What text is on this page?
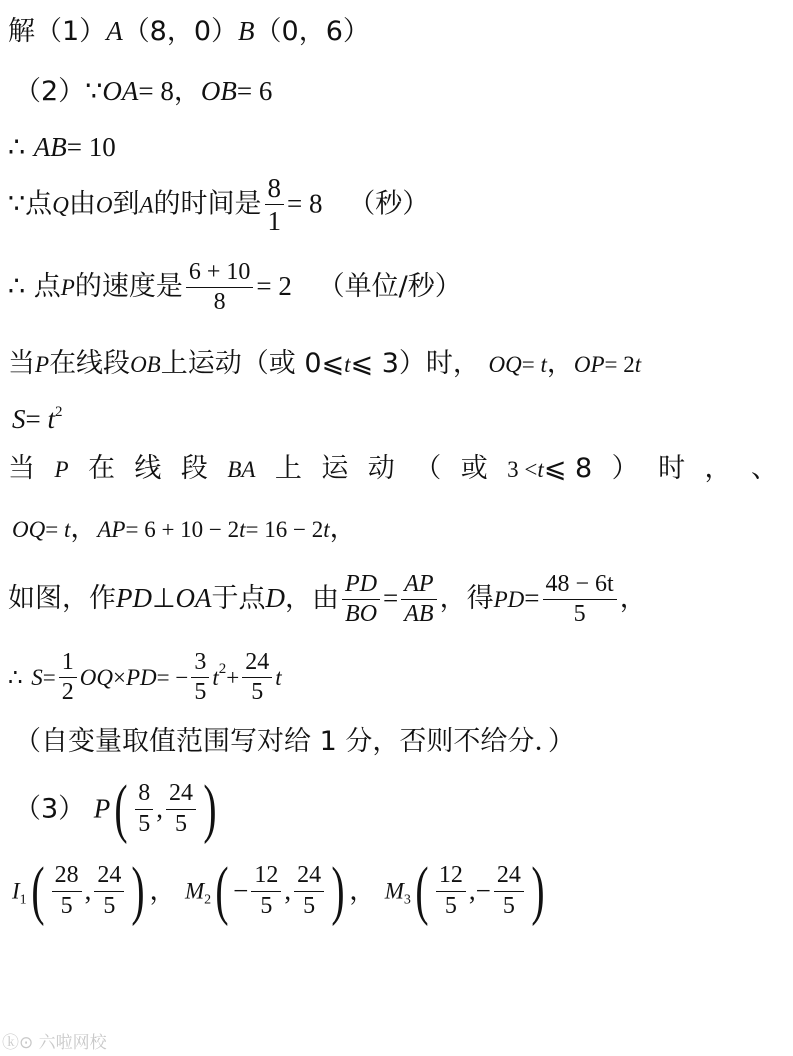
解（1）A（8，0）B（0，6）
（2）∵OA= 8，OB= 6
∴ AB= 10
∵点Q由O到A的时间是 $\frac{8}{1} = 8$ （秒）
∴ 点P的速度是 $\frac{6 + 10}{8} = 2$ （单位/秒）
当P在线段OB上运动（或 0⩽t⩽ 3）时， OQ= t，OP= 2t
$S= t^2$
当 P 在 线 段 BA 上 运 动 （ 或 3 <t⩽ 8 ） 时 ， 、
OQ= t，AP= 6 + 10 − 2t= 16 − 2t，
如图，作PD⊥OA于点D，由 $\frac{PD}{BO} = \frac{AP}{AB}$ ，得$PD= \frac{48 - 6t}{5}$ ，
∴ $S= \frac{1}{2} OQ\times PD= - \frac{3}{5} t^2+ \frac{24}{5}$ t
（自变量取值范围写对给 1 分，否则不给分．）
（3） $P( \frac{8}{5}$ , $\frac{24}{5}$ )
$I_1( \frac{28}{5}$ , $\frac{24}{5}$ ) ， $M_2( - \frac{12}{5}$ , $\frac{24}{5}$ ) ， $M_3( \frac{12}{5}$ ,− $\frac{24}{5}$ )
ⓚ⊙ 六啦网校
